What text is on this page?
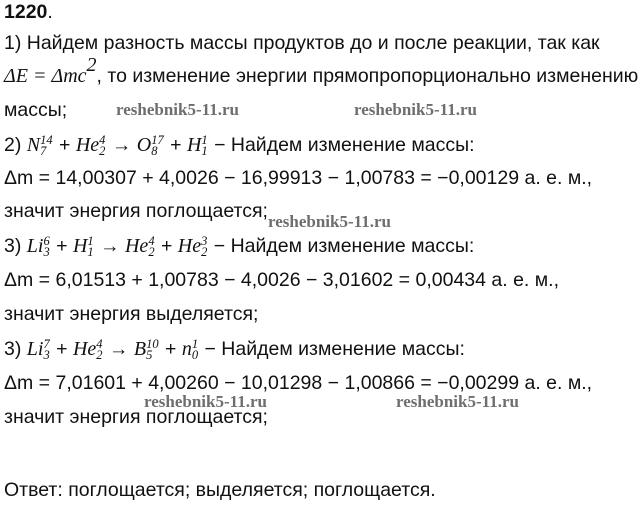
1220.
1) Найдем разность массы продуктов до и после реакции, так как
ΔE = Δmc$^2$, то изменение энергии прямопропорционально изменению
массы;
2) N 14
7 + He 4
2 → O 17
8 + H 1
1 − Найдем изменение массы:
Δm = 14,00307 + 4,0026 − 16,99913 − 1,00783 = −0,00129 а. е. м.,
значит энергия поглощается;
3) Li 6
3 + H 1
1 → He 4
2 + He 3
2 − Найдем изменение массы:
Δm = 6,01513 + 1,00783 − 4,0026 − 3,01602 = 0,00434 а. е. м.,
значит энергия выделяется;
3) Li 7
3 + He 4
2 → B 10
5 + n 1
0 − Найдем изменение массы:
Δm = 7,01601 + 4,00260 − 10,01298 − 1,00866 = −0,00299 а. е. м.,
значит энергия поглощается;
Ответ: поглощается; выделяется; поглощается.
reshebnik5-11.ru	reshebnik5-11.ru
reshebnik5-11.ru
reshebnik5-11.ru	reshebnik5-11.ru
